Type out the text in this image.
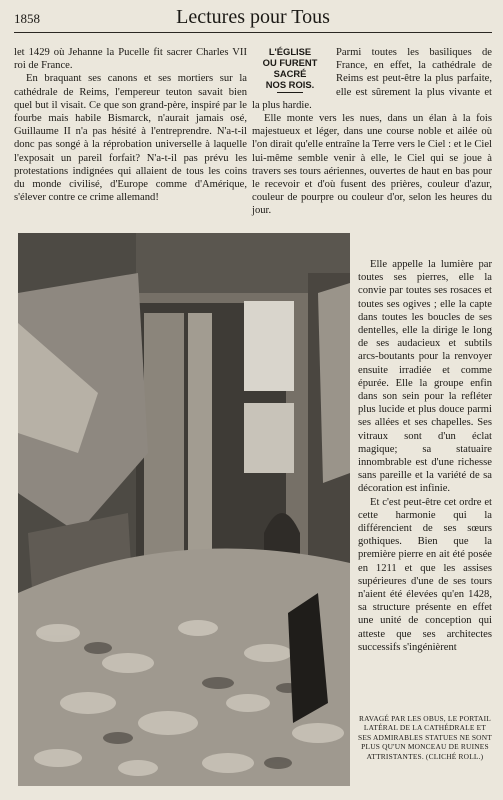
1858	Lectures pour Tous

let 1429 où Jehanne la Pucelle fit sacrer Charles VII roi de France.

En braquant ses canons et ses mortiers sur la cathédrale de Reims, l'empereur teuton savait bien quel but il visait. Ce que son grand-père, inspiré par le fourbe mais habile Bismarck, n'aurait jamais osé, Guillaume II n'a pas hésité à l'entreprendre. N'a-t-il donc pas songé à la réprobation universelle à laquelle l'exposait un pareil forfait? N'a-t-il pas prévu les protestations indignées qui allaient de tous les coins du monde civilisé, d'Europe comme d'Amérique, s'élever contre ce crime allemand!

L'ÉGLISE
OU FURENT
SACRÉ
NOS ROIS.

Parmi toutes les basiliques de France, en effet, la cathédrale de Reims est peut-être la plus parfaite, elle est sûrement la plus vivante et la plus hardie.

Elle monte vers les nues, dans un élan à la fois majestueux et léger, dans une course noble et ailée où l'on dirait qu'elle entraîne la Terre vers le Ciel : et le Ciel lui-même semble venir à elle, le Ciel qui se joue à travers ses tours aériennes, ouvertes de haut en bas pour le recevoir et d'où fusent des prières, couleur d'azur, couleur de pourpre ou couleur d'or, selon les heures du jour.

Elle appelle la lumière par toutes ses pierres, elle la convie par toutes ses rosaces et toutes ses ogives ; elle la capte dans toutes les boucles de ses dentelles, elle la dirige le long de ses audacieux et subtils arcs-boutants pour la renvoyer ensuite irradiée et comme épurée. Elle la groupe enfin dans son sein pour la refléter plus lucide et plus douce parmi ses allées et ses chapelles. Ses vitraux sont d'un éclat magique; sa statuaire innombrable est d'une richesse sans pareille et la variété de sa décoration est infinie.

Et c'est peut-être cet ordre et cette harmonie qui la différencient de ses sœurs gothiques. Bien que la première pierre en ait été posée en 1211 et que les assises supérieures d'une de ses tours n'aient été élevées qu'en 1428, sa structure présente en effet une unité de conception qui atteste que ses architectes successifs s'ingénièrent

RAVAGÉ PAR LES OBUS, LE PORTAIL LATÉRAL DE LA CATHÉDRALE ET SES ADMIRABLES STATUES NE SONT PLUS QU'UN MONCEAU DE RUINES ATTRISTANTES. (CLICHÉ ROLL.)
